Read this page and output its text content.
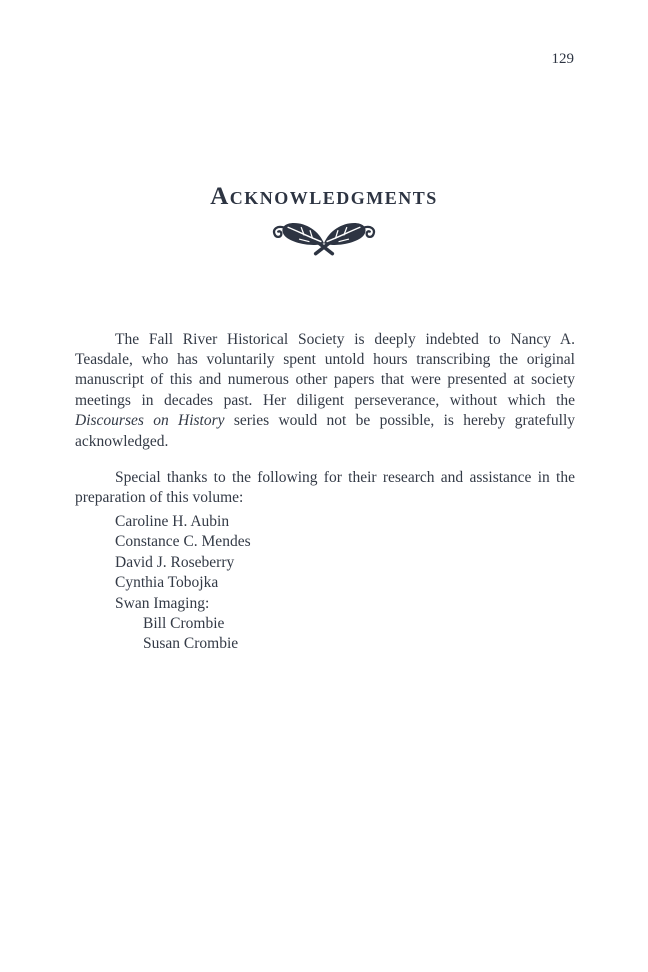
129
Acknowledgments

The Fall River Historical Society is deeply indebted to Nancy A. Teasdale, who has voluntarily spent untold hours transcribing the original manuscript of this and numerous other papers that were presented at society meetings in decades past. Her diligent perseverance, without which the Discourses on History series would not be possible, is hereby gratefully acknowledged.

Special thanks to the following for their research and assistance in the preparation of this volume:

Caroline H. Aubin
Constance C. Mendes
David J. Roseberry
Cynthia Tobojka
Swan Imaging:
Bill Crombie
Susan Crombie
